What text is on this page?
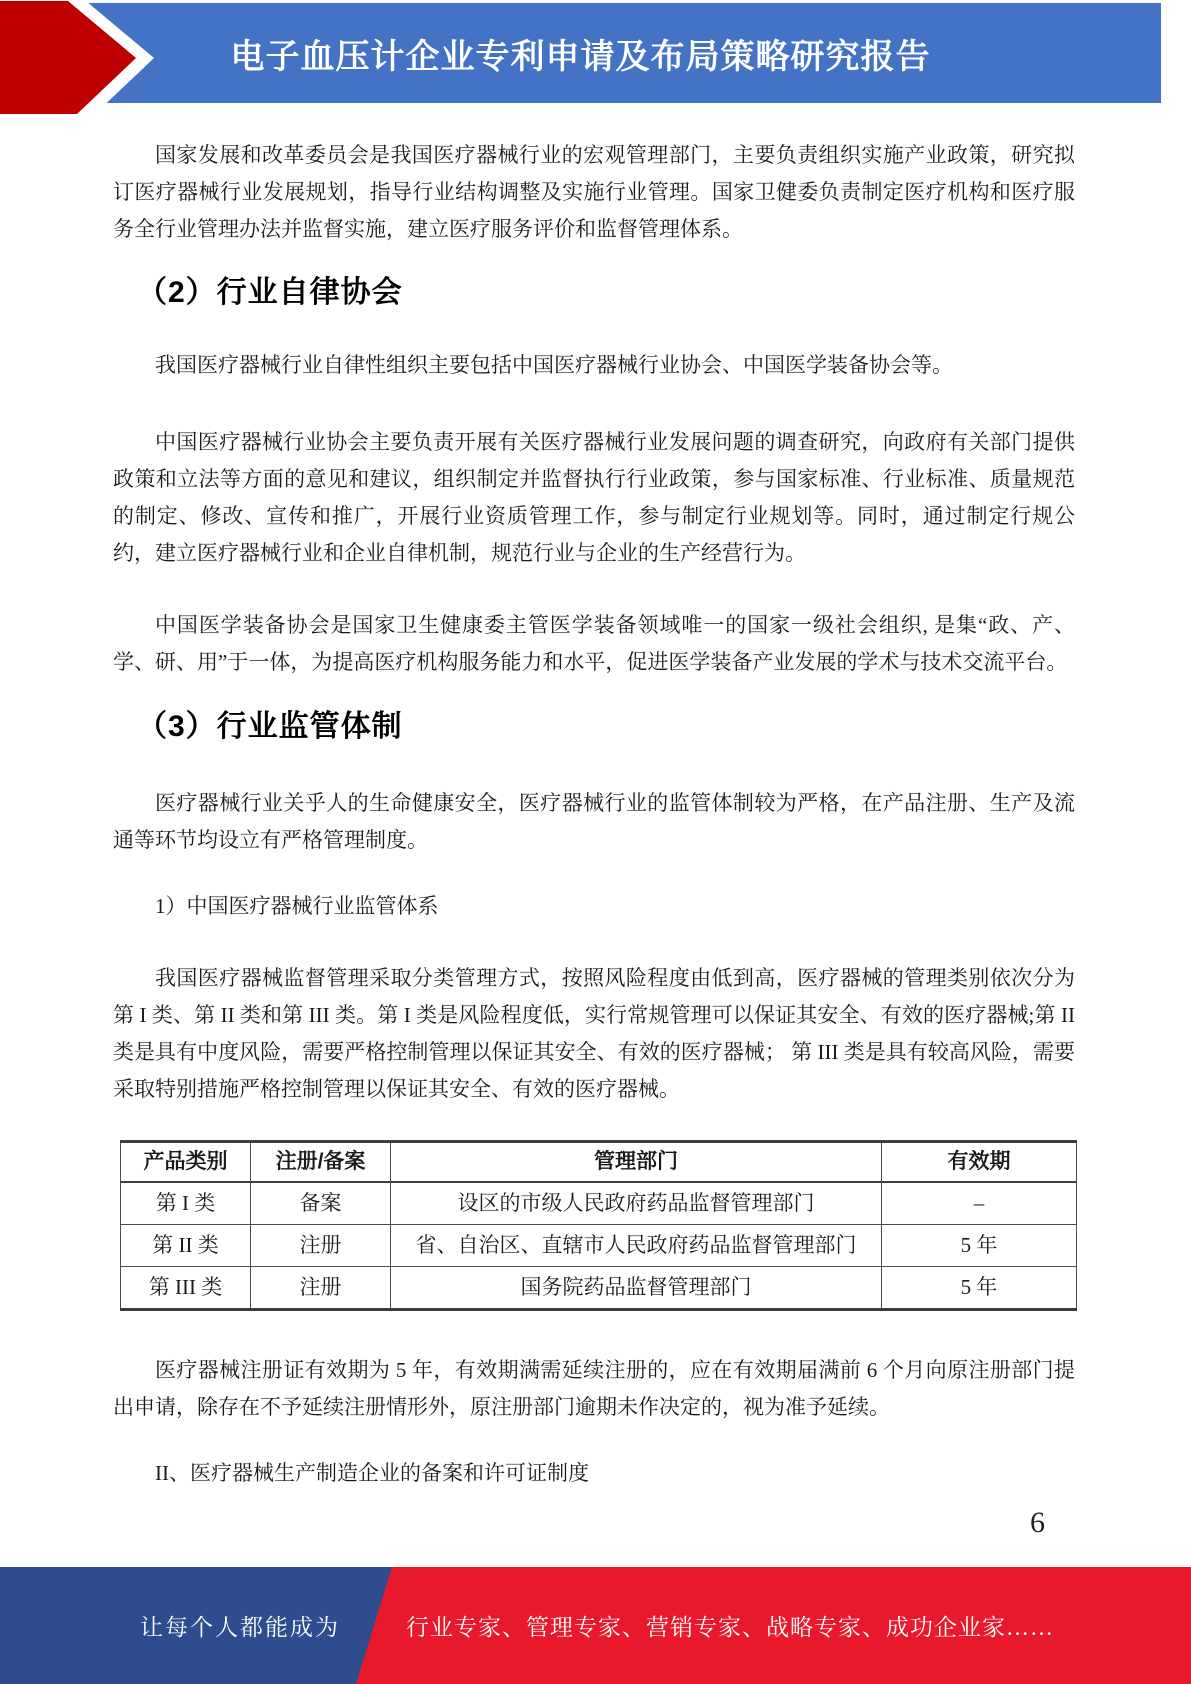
电子血压计企业专利申请及布局策略研究报告

国家发展和改革委员会是我国医疗器械行业的宏观管理部门，主要负责组织实施产业政策，研究拟订医疗器械行业发展规划，指导行业结构调整及实施行业管理。国家卫健委负责制定医疗机构和医疗服务全行业管理办法并监督实施，建立医疗服务评价和监督管理体系。

（2）行业自律协会

我国医疗器械行业自律性组织主要包括中国医疗器械行业协会、中国医学装备协会等。

中国医疗器械行业协会主要负责开展有关医疗器械行业发展问题的调查研究，向政府有关部门提供政策和立法等方面的意见和建议，组织制定并监督执行行业政策，参与国家标准、行业标准、质量规范的制定、修改、宣传和推广，开展行业资质管理工作，参与制定行业规划等。同时，通过制定行规公约，建立医疗器械行业和企业自律机制，规范行业与企业的生产经营行为。

中国医学装备协会是国家卫生健康委主管医学装备领域唯一的国家一级社会组织, 是集“政、产、学、研、用”于一体，为提高医疗机构服务能力和水平，促进医学装备产业发展的学术与技术交流平台。

（3）行业监管体制

医疗器械行业关乎人的生命健康安全，医疗器械行业的监管体制较为严格，在产品注册、生产及流通等环节均设立有严格管理制度。

1）中国医疗器械行业监管体系

我国医疗器械监督管理采取分类管理方式，按照风险程度由低到高，医疗器械的管理类别依次分为第 I 类、第 II 类和第 III 类。第 I 类是风险程度低，实行常规管理可以保证其安全、有效的医疗器械;第 II 类是具有中度风险，需要严格控制管理以保证其安全、有效的医疗器械； 第 III 类是具有较高风险，需要采取特别措施严格控制管理以保证其安全、有效的医疗器械。

产品类别	注册/备案	管理部门	有效期
第 I 类	备案	设区的市级人民政府药品监督管理部门	–
第 II 类	注册	省、自治区、直辖市人民政府药品监督管理部门	5 年
第 III 类	注册	国务院药品监督管理部门	5 年

医疗器械注册证有效期为 5 年，有效期满需延续注册的，应在有效期届满前 6 个月向原注册部门提出申请，除存在不予延续注册情形外，原注册部门逾期未作决定的，视为准予延续。

II、医疗器械生产制造企业的备案和许可证制度

6
让每个人都能成为	行业专家、管理专家、营销专家、战略专家、成功企业家……
